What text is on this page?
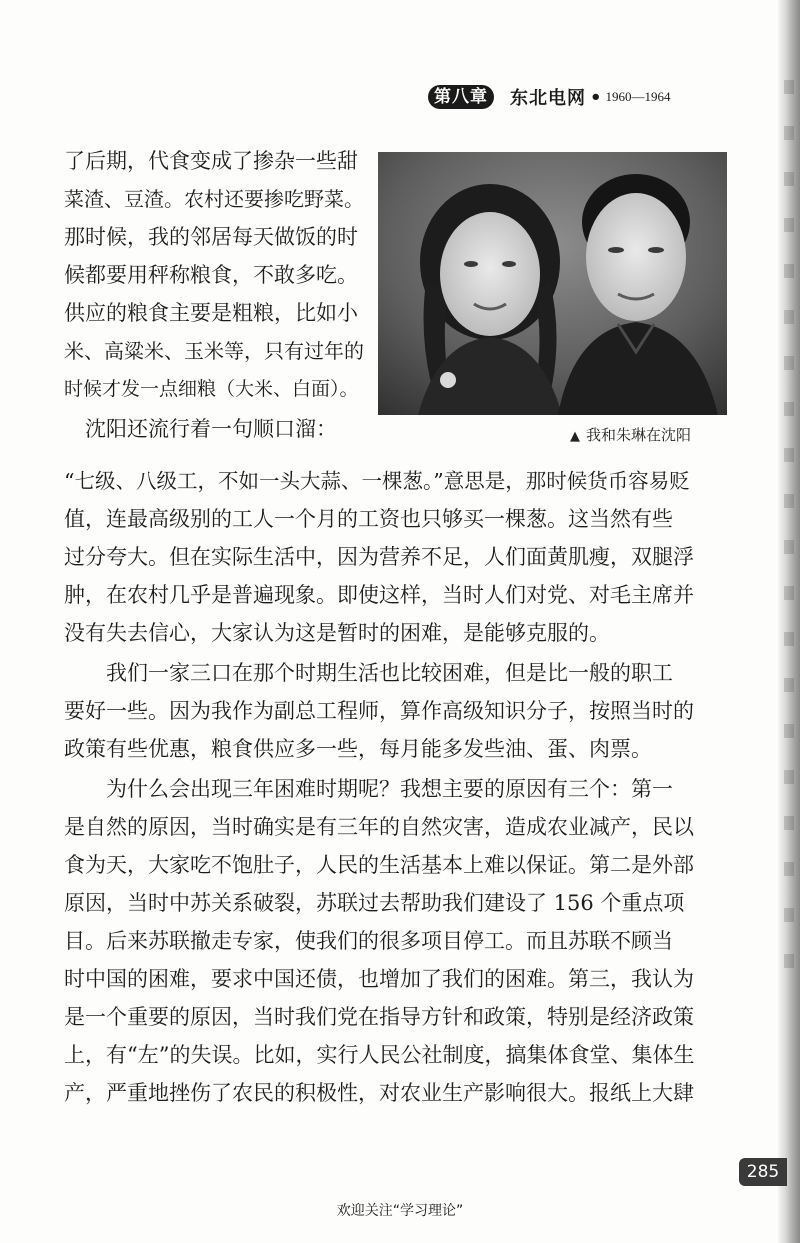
第八章	东北电网 • 1960—1964
▲ 我和朱琳在沈阳
了后期，代食变成了掺杂一些甜
菜渣、豆渣。农村还要掺吃野菜。
那时候，我的邻居每天做饭的时
候都要用秤称粮食，不敢多吃。
供应的粮食主要是粗粮，比如小
米、高粱米、玉米等，只有过年的
时候才发一点细粮（大米、白面）。
　沈阳还流行着一句顺口溜：
“七级、八级工，不如一头大蒜、一棵葱。”意思是，那时候货币容易贬
值，连最高级别的工人一个月的工资也只够买一棵葱。这当然有些
过分夸大。但在实际生活中，因为营养不足，人们面黄肌瘦，双腿浮
肿，在农村几乎是普遍现象。即使这样，当时人们对党、对毛主席并
没有失去信心，大家认为这是暂时的困难，是能够克服的。
　　我们一家三口在那个时期生活也比较困难，但是比一般的职工
要好一些。因为我作为副总工程师，算作高级知识分子，按照当时的
政策有些优惠，粮食供应多一些，每月能多发些油、蛋、肉票。
　　为什么会出现三年困难时期呢？我想主要的原因有三个：第一
是自然的原因，当时确实是有三年的自然灾害，造成农业减产，民以
食为天，大家吃不饱肚子，人民的生活基本上难以保证。第二是外部
原因，当时中苏关系破裂，苏联过去帮助我们建设了 156 个重点项
目。后来苏联撤走专家，使我们的很多项目停工。而且苏联不顾当
时中国的困难，要求中国还债，也增加了我们的困难。第三，我认为
是一个重要的原因，当时我们党在指导方针和政策，特别是经济政策
上，有“左”的失误。比如，实行人民公社制度，搞集体食堂、集体生
产，严重地挫伤了农民的积极性，对农业生产影响很大。报纸上大肆
285
欢迎关注“学习理论”
